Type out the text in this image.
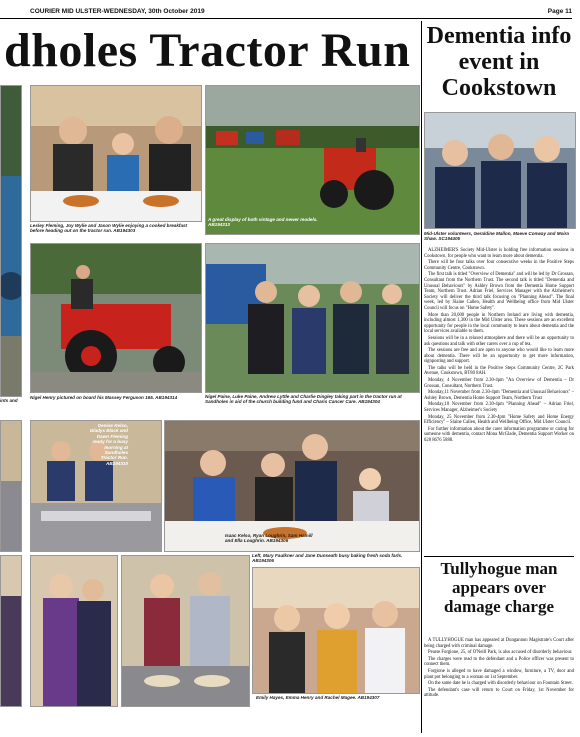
COURIER MID ULSTER-WEDNESDAY, 30th October 2019	Page 11
dholes Tractor Run
ints and
Lesley Fleming, Joy Wylie and Jason Wylie enjoying a cooked breakfast before heading out on the tractor run. AB194303
A great display of both vintage and newer models. AB194313
Nigel Henry pictured on board his Massey Ferguson 165. AB194314	Nigel Paine, Luke Paine, Andrew Lyttle and Charlie Dingley taking part in the tractor run at Sandholes in aid of the church building fund and Charis Cancer Care. AB194304
Denise Kelso, Gladys Black and Dawn Fleming ready for a busy morning at Sandholes Tractor Run. AB194310
Isaac Kelso, Ryan Loughrin, Sam Hamill and Ella Loughrin. AB194305
Left, Mary Faulkner and Jane Dunseath busy baking fresh soda farls. AB194306
Emily Hayes, Emma Henry and Rachel Magee. AB194307
Dementia info event in Cookstown
Mid-Ulster volunteers, Geraldine Mallon, Maeve Conway and Moira Shaw. SC194405

ALZHEIMER'S Society Mid-Ulster is holding free information sessions in Cookstown, for people who want to learn more about dementia.

There will be four talks over four consecutive weeks in the Positive Steps Community Centre, Cookstown.

The first talk is titled "Overview of Dementia" and will be led by Dr Grossan, Consultant from the Northern Trust. The second talk is titled "Dementia and Unusual Behaviours" by Ashley Brown from the Dementia Home Support Team, Northern Trust. Adrian Friel, Services Manager with the Alzheimer's Society will deliver the third talk focusing on "Planning Ahead". The final week, led by Slaine Callen, Health and Wellbeing office from Mid Ulster Council will focus on "Home Safety".

More than 20,000 people in Northern Ireland are living with dementia, including almost 1,300 in the Mid Ulster area. These sessions are an excellent opportunity for people in the local community to learn about dementia and the local services available to them.

Sessions will be in a relaxed atmosphere and there will be an opportunity to ask questions and talk with other carers over a cup of tea.

The sessions are free and are open to anyone who would like to learn more about dementia. There will be an opportunity to get more information, signposting and support.

The talks will be held in the Positive Steps Community Centre, 2C Park Avenue, Cookstown, BT80 8AH.

Monday, 4 November from 2.30-4pm "An Overview of Dementia – Dr Grossan, Consultant, Northern Trust.

Monday,11 November from 2.30-4pm "Dementia and Unusual Behaviours" – Ashley Brown, Dementia Home Support Team, Northern Trust

Monday,18 November from 2.30-4pm "Planning Ahead" – Adrian Friel, Services Manager, Alzheimer's Society

Monday, 25 November from 2.30-4pm "Home Safety and Home Energy Efficiency" – Slaine Callen, Health and Wellbeing Office, Mid Ulster Council.

For further information about the carer information programme or caring for someone with dementia, contact Mona McGlade, Dementia Support Worker on 028 8676 5888.

Tullyhogue man appears over damage charge

A TULLYHOGUE man has appeared at Dungannon Magistrate's Court after being charged with criminal damage.

Pearse Forgione, 25, of O'Neill Park, is also accused of disorderly behaviour.

The charges were read to the defendant and a Police officer was present to connect them.

Forgione is alleged to have damaged a window, furniture, a TV, door and plant pot belonging to a woman on 1st September.

On the same date he is charged with disorderly behaviour on Fountain Street.

The defendant's case will return to Court on Friday, 1st November for attitude.
